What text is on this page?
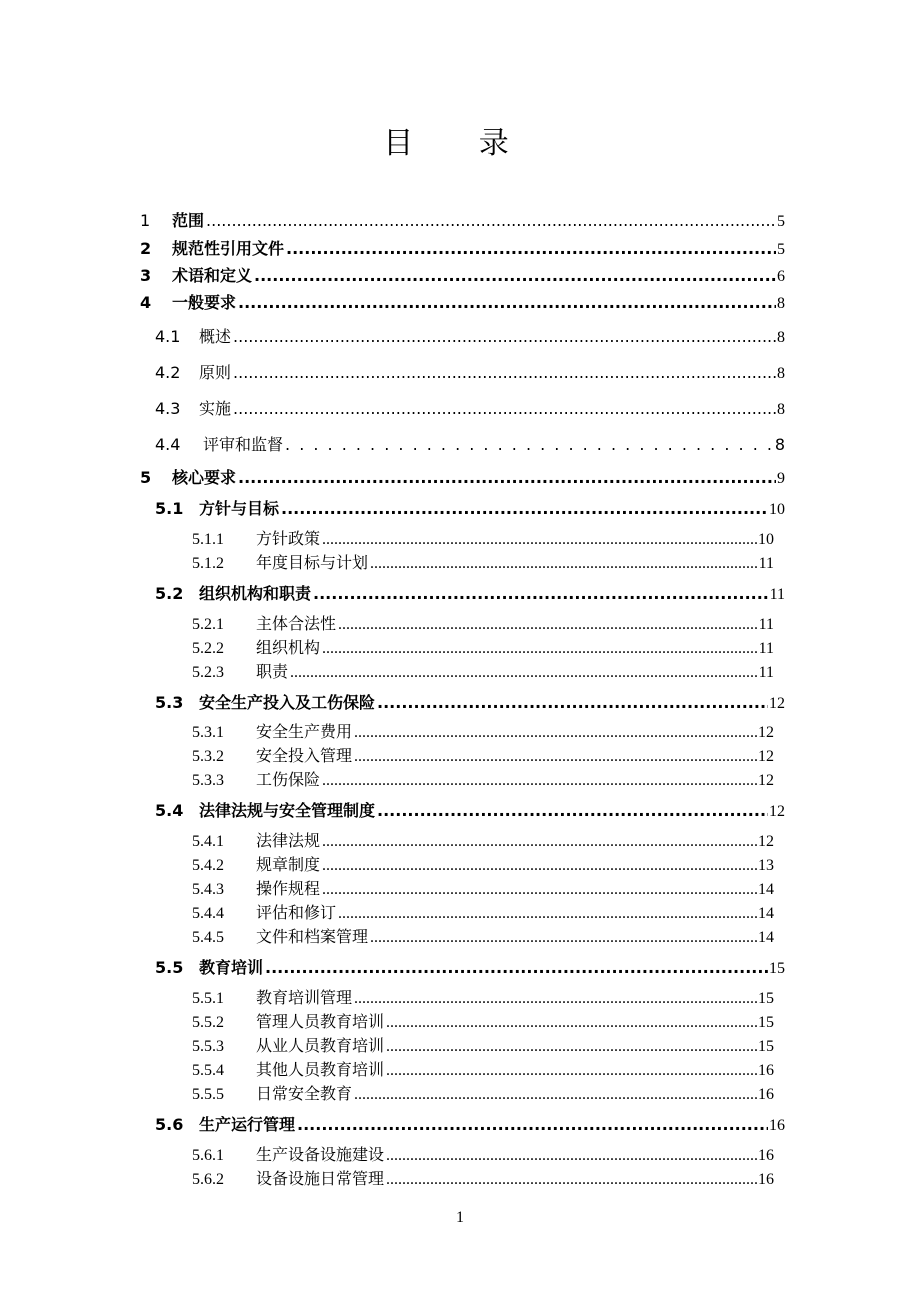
目 录
1	范围 .....	5
2	规范性引用文件 .....	5
3	术语和定义 .....	6
4	一般要求 .....	8
4.1	概述 .....	8
4.2	原则 .....	8
4.3	实施 .....	8
4.4	评审和监督 . . .	8
5	核心要求 .....	9
5.1 方针与目标 .....	10
5.1.1	方针政策 .....	10
5.1.2	年度目标与计划 .....	11
5.2 组织机构和职责 .....	11
5.2.1	主体合法性 .....	11
5.2.2	组织机构 .....	11
5.2.3	职责 .....	11
5.3 安全生产投入及工伤保险 .....	12
5.3.1	安全生产费用 .....	12
5.3.2	安全投入管理 .....	12
5.3.3	工伤保险 .....	12
5.4 法律法规与安全管理制度 .....	12
5.4.1	法律法规 .....	12
5.4.2	规章制度 .....	13
5.4.3	操作规程 .....	14
5.4.4	评估和修订 .....	14
5.4.5	文件和档案管理 .....	14
5.5 教育培训 .....	15
5.5.1	教育培训管理 .....	15
5.5.2	管理人员教育培训 .....	15
5.5.3	从业人员教育培训 .....	15
5.5.4	其他人员教育培训 .....	16
5.5.5	日常安全教育 .....	16
5.6 生产运行管理 .....	16
5.6.1	生产设备设施建设 .....	16
5.6.2	设备设施日常管理 .....	16
1
